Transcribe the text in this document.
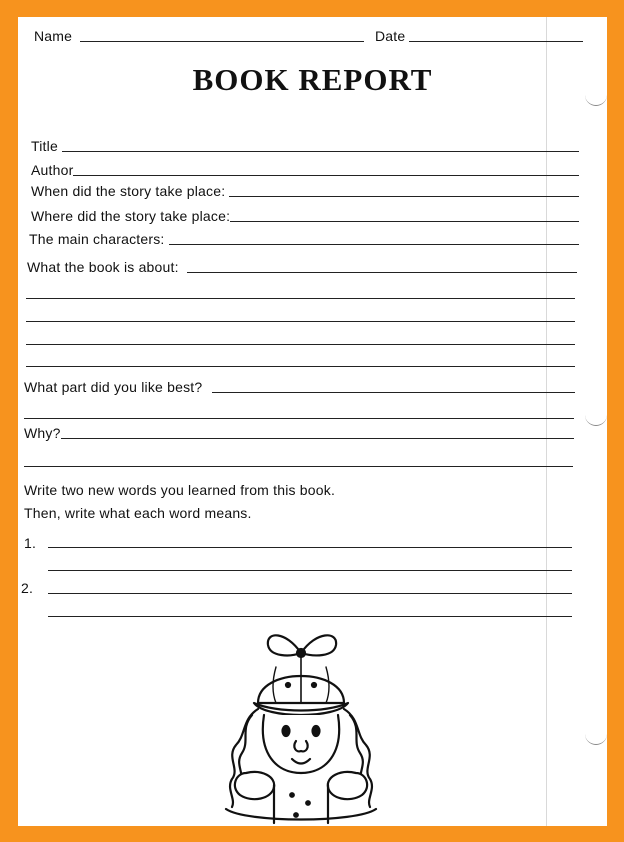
Name	Date
BOOK REPORT
Title
Author
When did the story take place:
Where did the story take place:
The main characters:
What the book is about:
What part did you like best?
Why?
Write two new words you learned from this book.
Then, write what each word means.
1.
2.
